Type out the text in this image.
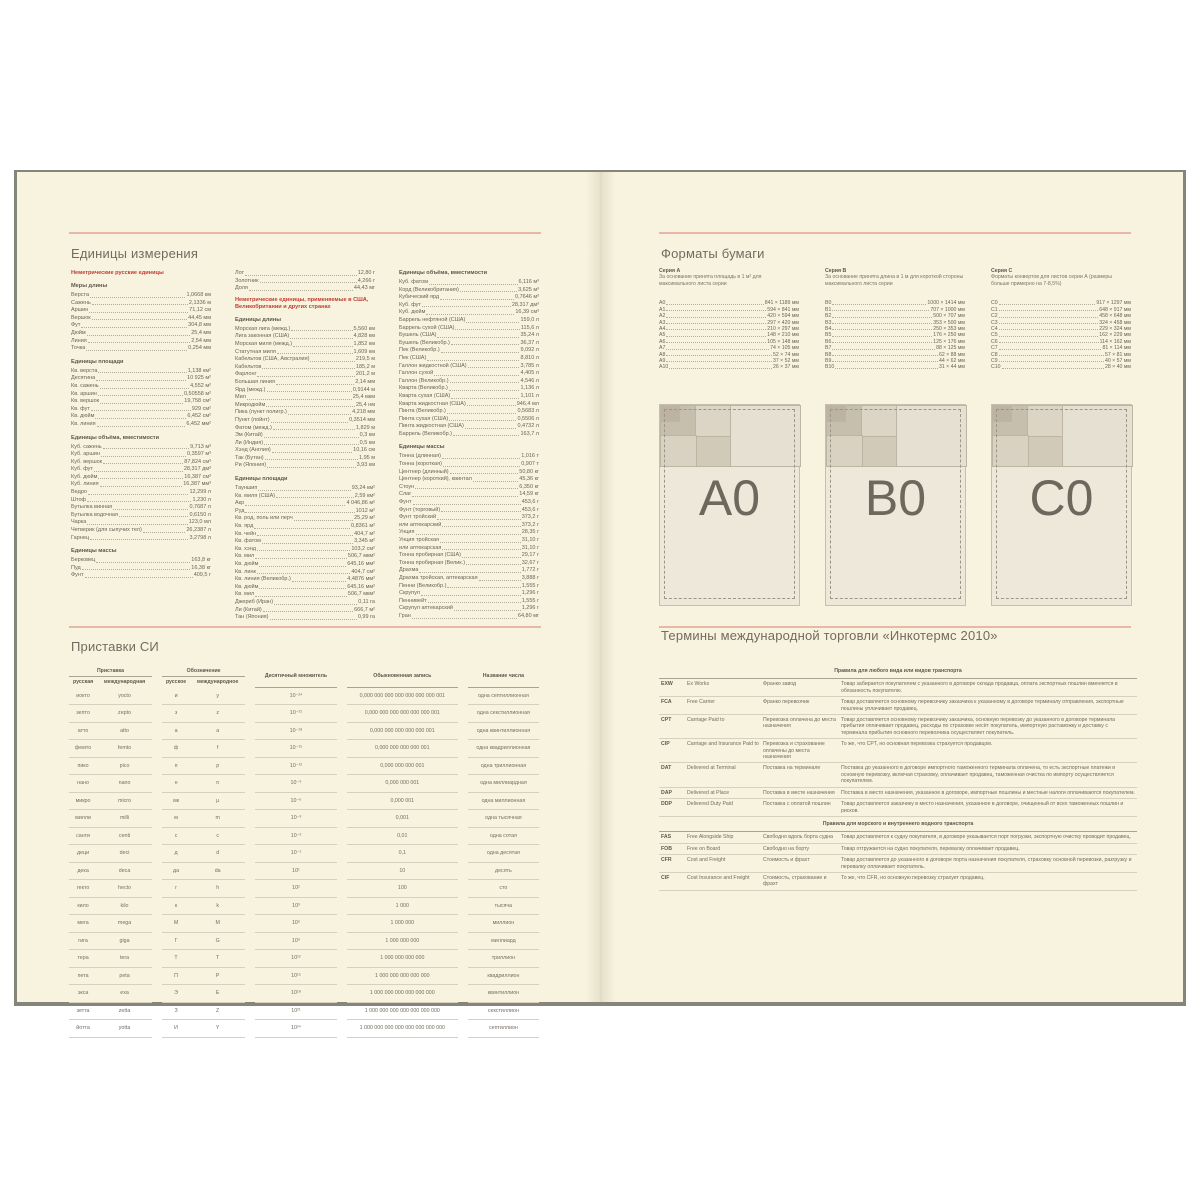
Единицы измерения
Неметрические русские единицы
Меры длины
Верста	1,0668 км
Сажень	2,1336 м
Аршин	71,12 см
Вершок	44,45 мм
Фут	304,8 мм
Дюйм	25,4 мм
Линия	2,54 мм
Точка	0,254 мм
Единицы площади
Кв. верста	1,138 км²
Десятина	10 925 м²
Кв. сажень	4,552 м²
Кв. аршин	0,50558 м²
Кв. вершок	19,758 см²
Кв. фут	929 см²
Кв. дюйм	6,452 см²
Кв. линия	6,452 мм²
Единицы объёма, вместимости
Куб. сажень	9,713 м³
Куб. аршин	0,3597 м³
Куб. вершок	87,824 см³
Куб. фут	28,317 дм³
Куб. дюйм	16,387 см³
Куб. линия	16,387 мм³
Ведро	12,299 л
Штоф	1,230 л
Бутылка винная	0,7687 л
Бутылка водочная	0,6150 л
Чарка	123,0 мл
Четверик (для сыпучих тел)	26,2387 л
Гарнец	3,2798 л
Единицы массы
Берковец	163,8 кг
Пуд	16,38 кг
Фунт	409,5 г
Лот	12,80 г
Золотник	4,266 г
Доля	44,43 мг
Неметрические единицы, применяемые в США, Великобритании и других странах
Единицы длины
Морская лига (межд.)	5,560 км
Лига законная (США)	4,828 км
Морская миля (межд.)	1,852 км
Статутная миля	1,609 км
Кабельтов (США, Австралия)	219,5 м
Кабельтов	185,2 м
Фарлонг	201,2 м
Большая линия	2,14 мм
Ярд (межд.)	0,9144 м
Мил	25,4 мкм
Микродюйм	25,4 нм
Пика (пункт полигр.)	4,218 мм
Пункт (пойнт)	0,3514 мм
Фатом (межд.)	1,829 м
Эм (Китай)	0,3 км
Ли (Индия)	0,5 км
Хэнд (Англия)	10,16 см
Так (Бутан)	1,95 м
Ри (Япония)	3,93 км
Единицы площади
Тауншип	93,24 км²
Кв. миля (США)	2,59 км²
Акр	4 046,86 м²
Руд	1012 м²
Кв. род, поль или перч	25,29 м²
Кв. ярд	0,8361 м²
Кв. чейн	404,7 м²
Кв. фатом	3,345 м²
Кв. хэнд	103,2 см²
Кв. мил	506,7 мкм²
Кв. дюйм	645,16 мм²
Кв. линк	404,7 см²
Кв. линия (Великобр.)	4,4876 мм²
Кв. дюйм	645,16 мм²
Кв. мил	506,7 мкм²
Джериб (Иран)	0,11 га
Ли (Китай)	666,7 м²
Тан (Япония)	0,99 га
Единицы объёма, вместимости
Куб. фатом	6,116 м³
Корд (Великобритания)	3,625 м³
Кубический ярд	0,7646 м³
Куб. фут	28,317 дм³
Куб. дюйм	16,39 см³
Баррель нефтяной (США)	159,0 л
Баррель сухой (США)	115,6 л
Бушель (США)	35,24 л
Бушель (Великобр.)	36,37 л
Пек (Великобр.)	9,092 л
Пек (США)	8,810 л
Галлон жидкостной (США)	3,785 л
Галлон сухой	4,405 л
Галлон (Великобр.)	4,546 л
Кварта (Великобр.)	1,136 л
Кварта сухая (США)	1,101 л
Кварта жидкостная (США)	946,4 мл
Пинта (Великобр.)	0,5683 л
Пинта сухая (США)	0,5506 л
Пинта жидкостная (США)	0,4732 л
Баррель (Великобр.)	163,7 л
Единицы массы
Тонна (длинная)	1,016 т
Тонна (короткая)	0,907 т
Центнер (длинный)	50,80 кг
Центнер (короткий), квинтал	45,36 кг
Стоун	6,350 кг
Слаг	14,59 кг
Фунт	453,6 г
Фунт (торговый)	453,6 г
Фунт тройский	373,2 г
или аптекарский	373,2 г
Унция	28,35 г
Унция тройская	31,10 г
или аптекарская	31,10 г
Тонна пробирная (США)	29,17 г
Тонна пробирная (Велик.)	32,67 г
Драхма	1,772 г
Драхма тройская, аптекарская	3,888 г
Пенни (Великобр.)	1,555 г
Скрупул	1,296 г
Пеннивейт	1,555 г
Скрупул аптекарский	1,296 г
Гран	64,80 мг
Приставки СИ
Приставка			Обозначение			Десятичный множитель		Обыкновенная запись		Название числа
русская	международная		русское	международное						
иокто	yocto		и	y		10⁻²⁴		0,000 000 000 000 000 000 000 001		одна септиллионная
зепто	zepto		з	z		10⁻²¹		0,000 000 000 000 000 000 001		одна секстиллионная
атто	atto		а	a		10⁻¹⁸		0,000 000 000 000 000 001		одна квинтиллионная
фемто	femto		ф	f		10⁻¹⁵		0,000 000 000 000 001		одна квадриллионная
пико	pico		п	p		10⁻¹²		0,000 000 000 001		одна триллионная
нано	nano		н	n		10⁻⁹		0,000 000 001		одна миллиардная
микро	micro		мк	µ		10⁻⁶		0,000 001		одна миллионная
милли	milli		м	m		10⁻³		0,001		одна тысячная
санти	centi		с	c		10⁻²		0,01		одна сотая
деци	deci		д	d		10⁻¹		0,1		одна десятая
дека	deca		да	da		10¹		10		десять
гекто	hecto		г	h		10²		100		сто
кило	kilo		к	k		10³		1 000		тысяча
мега	mega		М	M		10⁶		1 000 000		миллион
гига	giga		Г	G		10⁹		1 000 000 000		миллиард
тера	tera		Т	T		10¹²		1 000 000 000 000		триллион
пета	peta		П	P		10¹⁵		1 000 000 000 000 000		квадриллион
экса	exa		Э	E		10¹⁸		1 000 000 000 000 000 000		квинтиллион
зетта	zetta		З	Z		10²¹		1 000 000 000 000 000 000 000		секстиллион
йотта	yotta		И	Y		10²⁴		1 000 000 000 000 000 000 000 000		септиллион
Форматы бумаги
Серия А
За основание принята площадь в 1 м² для максимального листа серии
A0	841 × 1189 мм
A1	594 × 841 мм
A2	420 × 594 мм
A3	297 × 420 мм
A4	210 × 297 мм
A5	148 × 210 мм
A6	105 × 148 мм
A7	74 × 105 мм
A8	52 × 74 мм
A9	37 × 52 мм
A10	26 × 37 мм
A0
Серия В
За основание принята длина в 1 м для короткой стороны максимального листа серии
B0	1000 × 1414 мм
B1	707 × 1000 мм
B2	500 × 707 мм
B3	353 × 500 мм
B4	250 × 353 мм
B5	176 × 250 мм
B6	125 × 176 мм
B7	88 × 125 мм
B8	62 × 88 мм
B9	44 × 62 мм
B10	31 × 44 мм
B0
Серия С
Форматы конвертов для листов серии А (размеры больше примерно на 7-8,5%)
C0	917 × 1297 мм
C1	648 × 917 мм
C2	458 × 648 мм
C3	324 × 458 мм
C4	229 × 324 мм
C5	162 × 229 мм
C6	114 × 162 мм
C7	81 × 114 мм
C8	57 × 81 мм
C9	40 × 57 мм
C10	28 × 40 мм
C0
Термины международной торговли «Инкотермс 2010»
Правила для любого вида или видов транспорта			
EXW	Ex Works	Франко завод	Товар забирается покупателем с указанного в договоре склада продавца, оплата экспортных пошлин вменяется в обязанность покупателю.
FCA	Free Carrier	Франко перевозчик	Товар доставляется основному перевозчику заказчика к указанному в договоре терминалу отправления, экспортные пошлины уплачивает продавец.
CPT	Carriage Paid to	Перевозка оплачена до места назначения	Товар доставляется основному перевозчику заказчика, основную перевозку до указанного в договоре терминала прибытия оплачивает продавец, расходы по страховке несёт покупатель, импортную растаможку и доставку с терминала прибытия основного перевозчика осуществляет покупатель.
CIP	Carriage and Insurance Paid to	Перевозка и страхование оплачены до места назначения	То же, что CPT, но основная перевозка страхуется продавцом.
DAT	Delivered at Terminal	Поставка на терминале	Поставка до указанного в договоре импортного таможенного терминала оплачена, то есть экспортные платежи и основную перевозку, включая страховку, оплачивает продавец, таможенная очистка по импорту осуществляется покупателем.
DAP	Delivered at Place	Поставка в месте назначения	Поставка в место назначения, указанное в договоре, импортные пошлины и местные налоги оплачиваются покупателем.
DDP	Delivered Duty Paid	Поставка с оплатой пошлин	Товар доставляется заказчику в место назначения, указанное в договоре, очищенный от всех таможенных пошлин и рисков.
Правила для морского и внутреннего водного транспорта			
FAS	Free Alongside Ship	Свободно вдоль борта судна	Товар доставляется к судну покупателя, в договоре указывается порт погрузки, экспортную очистку проводит продавец.
FOB	Free on Board	Свободно на борту	Товар отгружается на судно покупателя, перевалку оплачивает продавец.
CFR	Cost and Freight	Стоимость и фрахт	Товар доставляется до указанного в договоре порта назначения покупателя, страховку основной перевозки, разгрузку и перевалку оплачивает покупатель.
CIF	Cost Insurance and Freight	Стоимость, страхование и фрахт	То же, что CFR, но основную перевозку страхует продавец.
